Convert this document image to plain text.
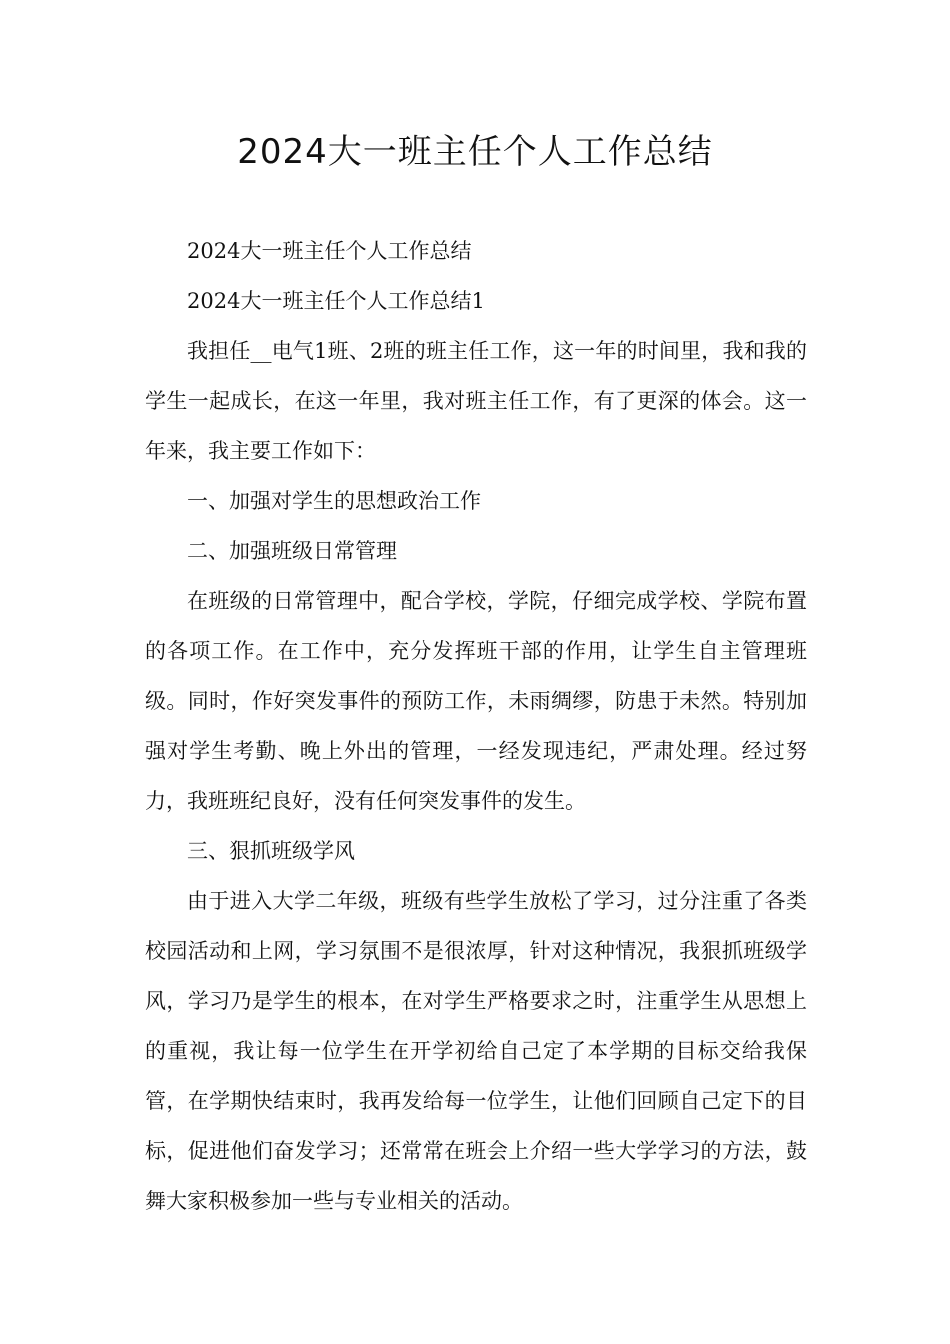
2024大一班主任个人工作总结

2024大一班主任个人工作总结

2024大一班主任个人工作总结1

我担任__电气1班、2班的班主任工作，这一年的时间里，我和我的学生一起成长，在这一年里，我对班主任工作，有了更深的体会。这一年来，我主要工作如下：

一、加强对学生的思想政治工作

二、加强班级日常管理

在班级的日常管理中，配合学校，学院，仔细完成学校、学院布置的各项工作。在工作中，充分发挥班干部的作用，让学生自主管理班级。同时，作好突发事件的预防工作，未雨绸缪，防患于未然。特别加强对学生考勤、晚上外出的管理，一经发现违纪，严肃处理。经过努力，我班班纪良好，没有任何突发事件的发生。

三、狠抓班级学风

由于进入大学二年级，班级有些学生放松了学习，过分注重了各类校园活动和上网，学习氛围不是很浓厚，针对这种情况，我狠抓班级学风，学习乃是学生的根本，在对学生严格要求之时，注重学生从思想上的重视，我让每一位学生在开学初给自己定了本学期的目标交给我保管，在学期快结束时，我再发给每一位学生，让他们回顾自己定下的目标，促进他们奋发学习；还常常在班会上介绍一些大学学习的方法，鼓舞大家积极参加一些与专业相关的活动。
